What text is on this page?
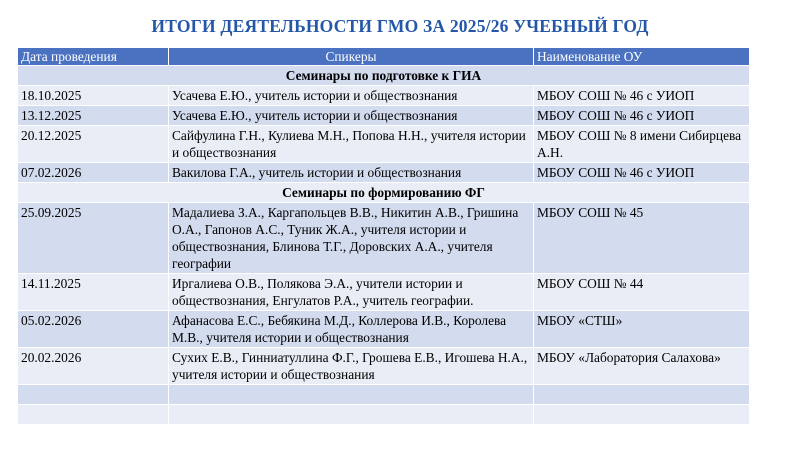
ИТОГИ ДЕЯТЕЛЬНОСТИ ГМО ЗА 2025/26 УЧЕБНЫЙ ГОД
Дата проведения	Спикеры	Наименование ОУ
Семинары по подготовке к ГИА		
18.10.2025	Усачева Е.Ю., учитель истории и обществознания	МБОУ СОШ № 46 с УИОП
13.12.2025	Усачева Е.Ю., учитель истории и обществознания	МБОУ СОШ № 46 с УИОП
20.12.2025	Сайфулина Г.Н., Кулиева М.Н., Попова Н.Н., учителя истории и обществознания	МБОУ СОШ № 8 имени Сибирцева А.Н.
07.02.2026	Вакилова Г.А., учитель истории и обществознания	МБОУ СОШ № 46 с УИОП
Семинары по формированию ФГ		
25.09.2025	Мадалиева З.А., Каргапольцев В.В., Никитин А.В., Гришина О.А., Гапонов А.С., Туник Ж.А., учителя истории и обществознания, Блинова Т.Г., Доровских А.А., учителя географии	МБОУ СОШ № 45
14.11.2025	Иргалиева О.В., Полякова Э.А., учители истории и обществознания, Енгулатов Р.А., учитель географии.	МБОУ СОШ № 44
05.02.2026	Афанасова Е.С., Бебякина М.Д., Коллерова И.В., Королева М.В., учителя истории и обществознания	МБОУ «СТШ»
20.02.2026	Сухих Е.В., Гинниатуллина Ф.Г., Грошева Е.В., Игошева Н.А., учителя истории и обществознания	МБОУ «Лаборатория Салахова»
